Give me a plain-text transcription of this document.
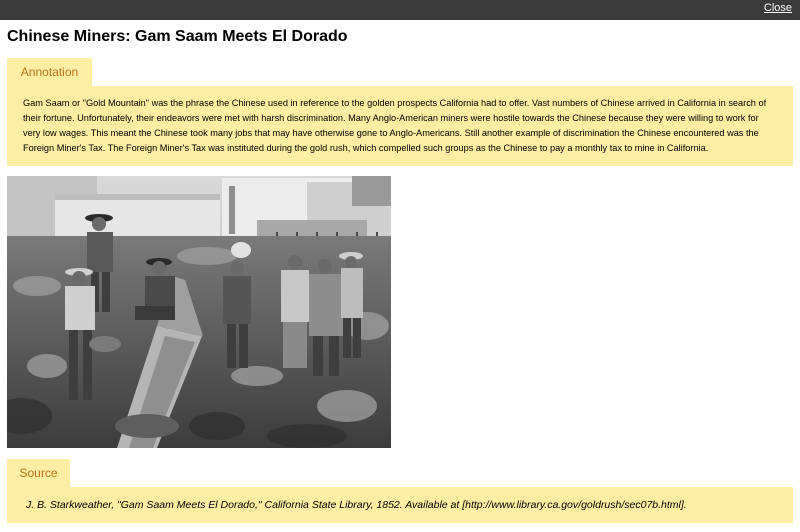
Close
Chinese Miners: Gam Saam Meets El Dorado
Annotation

Gam Saam or "Gold Mountain" was the phrase the Chinese used in reference to the golden prospects California had to offer. Vast numbers of Chinese arrived in California in search of their fortune. Unfortunately, their endeavors were met with harsh discrimination. Many Anglo-American miners were hostile towards the Chinese because they were willing to work for very low wages. This meant the Chinese took many jobs that may have otherwise gone to Anglo-Americans. Still another example of discrimination the Chinese encountered was the Foreign Miner's Tax. The Foreign Miner's Tax was instituted during the gold rush, which compelled such groups as the Chinese to pay a monthly tax to mine in California.

Source

J. B. Starkweather, "Gam Saam Meets El Dorado," California State Library, 1852. Available at [http://www.library.ca.gov/goldrush/sec07b.html].
